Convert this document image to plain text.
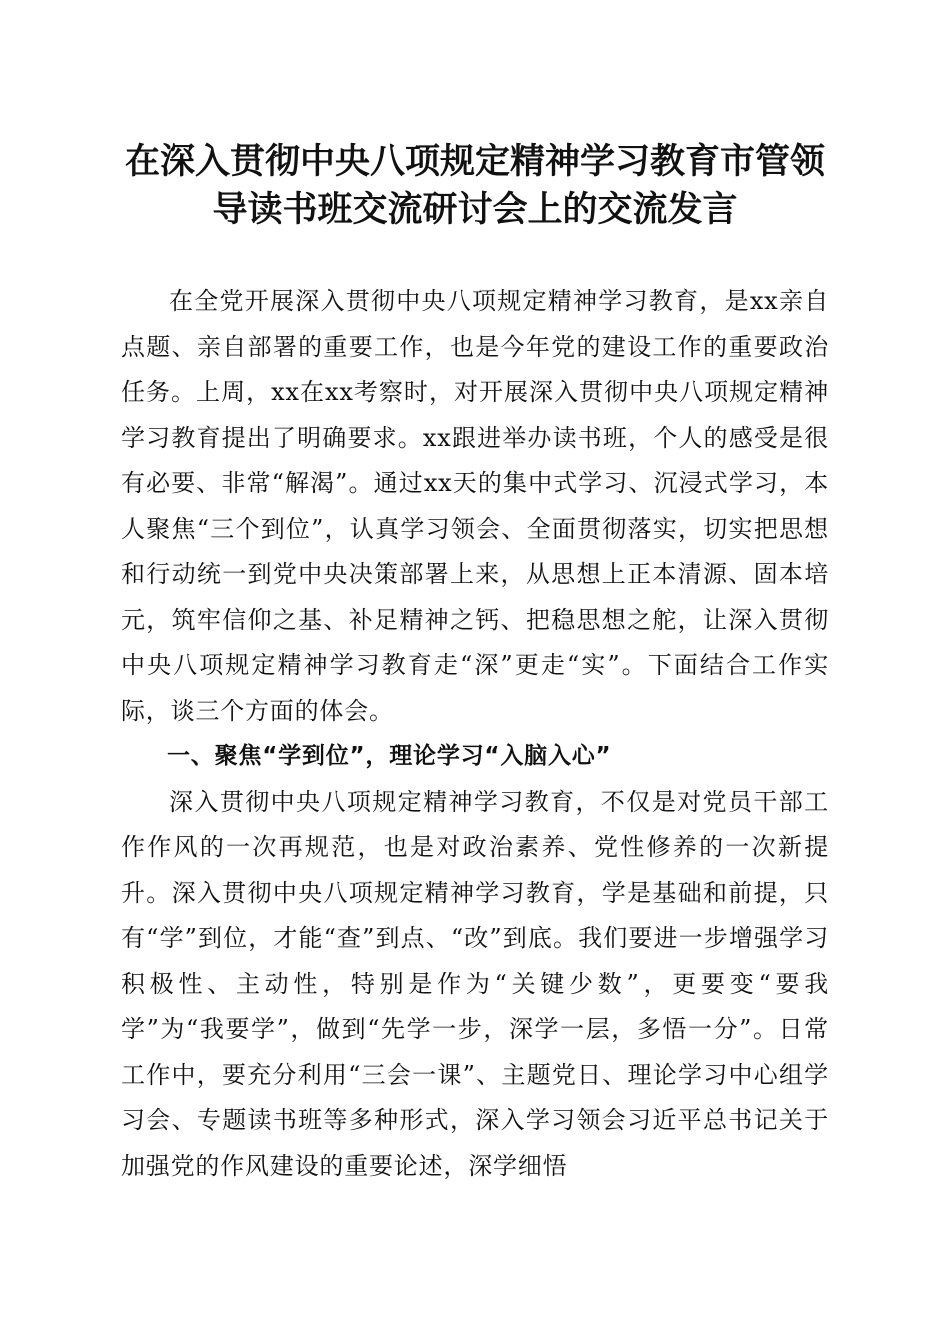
在深入贯彻中央八项规定精神学习教育市管领
导读书班交流研讨会上的交流发言

在全党开展深入贯彻中央八项规定精神学习教育，是xx亲自点题、亲自部署的重要工作，也是今年党的建设工作的重要政治任务。上周，xx在xx考察时，对开展深入贯彻中央八项规定精神学习教育提出了明确要求。xx跟进举办读书班，个人的感受是很有必要、非常“解渴”。通过xx天的集中式学习、沉浸式学习，本人聚焦“三个到位”，认真学习领会、全面贯彻落实，切实把思想和行动统一到党中央决策部署上来，从思想上正本清源、固本培元，筑牢信仰之基、补足精神之钙、把稳思想之舵，让深入贯彻中央八项规定精神学习教育走“深”更走“实”。下面结合工作实际，谈三个方面的体会。

一、聚焦“学到位”，理论学习“入脑入心”

深入贯彻中央八项规定精神学习教育，不仅是对党员干部工作作风的一次再规范，也是对政治素养、党性修养的一次新提升。深入贯彻中央八项规定精神学习教育，学是基础和前提，只有“学”到位，才能“查”到点、“改”到底。我们要进一步增强学习积极性、主动性，特别是作为“关键少数”，更要变“要我学”为“我要学”，做到“先学一步，深学一层，多悟一分”。日常工作中，要充分利用“三会一课”、主题党日、理论学习中心组学习会、专题读书班等多种形式，深入学习领会习近平总书记关于加强党的作风建设的重要论述，深学细悟
